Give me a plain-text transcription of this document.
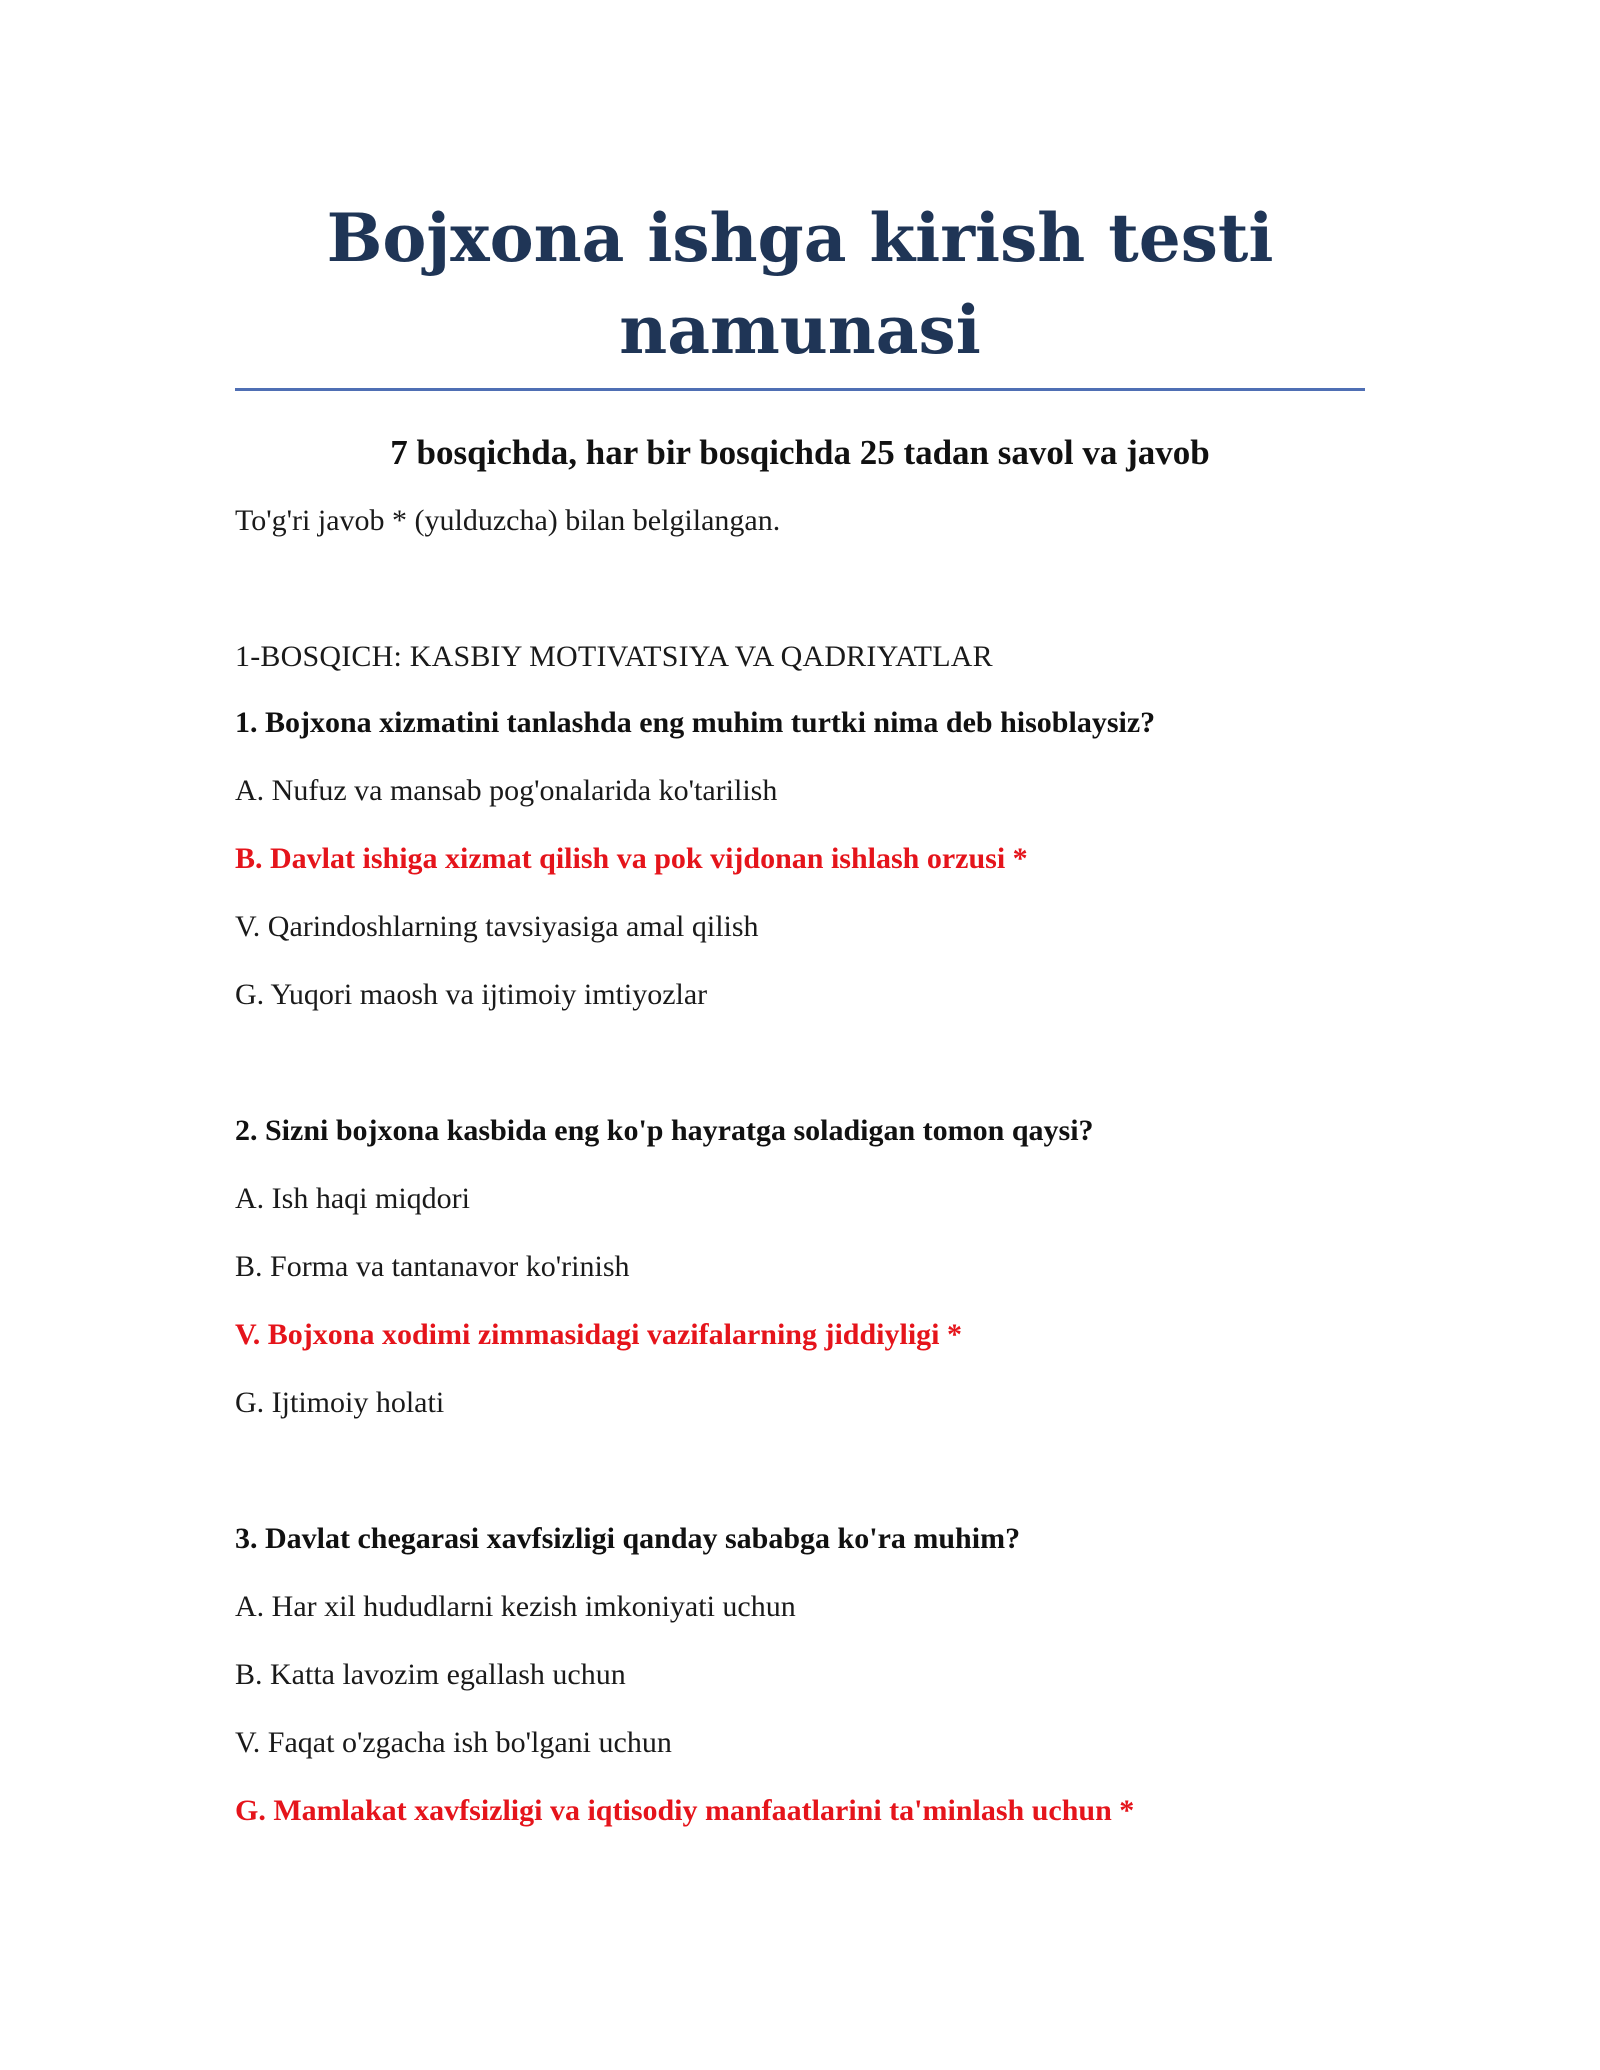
Bojxona ishga kirish testi namunasi

7 bosqichda, har bir bosqichda 25 tadan savol va javob

To'g'ri javob * (yulduzcha) bilan belgilangan.

1-BOSQICH: KASBIY MOTIVATSIYA VA QADRIYATLAR

1. Bojxona xizmatini tanlashda eng muhim turtki nima deb hisoblaysiz?

A. Nufuz va mansab pog'onalarida ko'tarilish

B. Davlat ishiga xizmat qilish va pok vijdonan ishlash orzusi *

V. Qarindoshlarning tavsiyasiga amal qilish

G. Yuqori maosh va ijtimoiy imtiyozlar

2. Sizni bojxona kasbida eng ko'p hayratga soladigan tomon qaysi?

A. Ish haqi miqdori

B. Forma va tantanavor ko'rinish

V. Bojxona xodimi zimmasidagi vazifalarning jiddiyligi *

G. Ijtimoiy holati

3. Davlat chegarasi xavfsizligi qanday sababga ko'ra muhim?

A. Har xil hududlarni kezish imkoniyati uchun

B. Katta lavozim egallash uchun

V. Faqat o'zgacha ish bo'lgani uchun

G. Mamlakat xavfsizligi va iqtisodiy manfaatlarini ta'minlash uchun *
